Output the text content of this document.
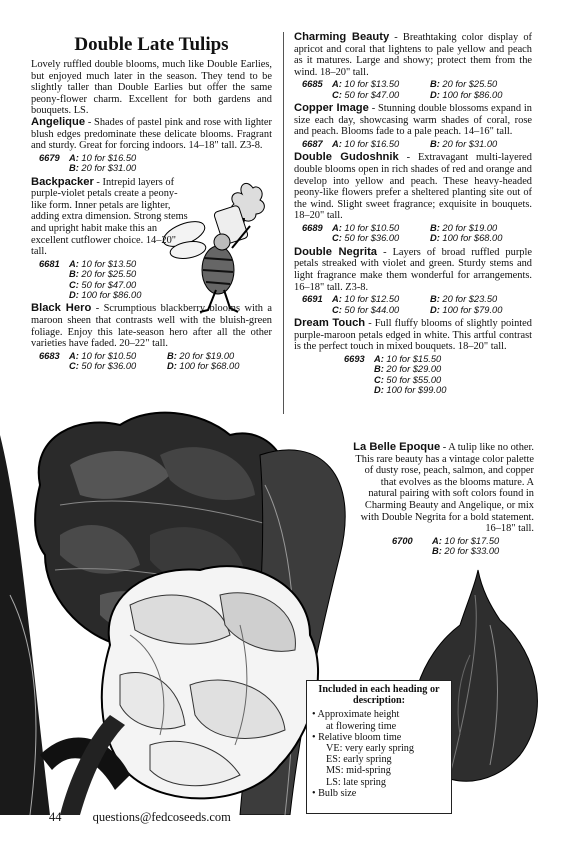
Double Late Tulips

Lovely ruffled double blooms, much like Double Earlies, but enjoyed much later in the season. They tend to be slightly taller than Double Earlies but offer the same peony-flower charm. Excellent for both gardens and bouquets. LS.

Angelique - Shades of pastel pink and rose with lighter blush edges predominate these delicate blooms. Fragrant and sturdy. Great for forcing indoors. 14–18" tall. Z3-8.

6679	A: 10 for $16.50
B: 20 for $31.00

Backpacker - Intrepid layers of purple-violet petals create a peony-like form. Inner petals are lighter, adding extra dimension. Strong stems and upright habit make this an excellent cutflower choice. 14–20" tall.

6681	A: 10 for $13.50
B: 20 for $25.50
C: 50 for $47.00
D: 100 for $86.00

Black Hero - Scrumptious blackberry blooms with a maroon sheen that contrasts well with the bluish-green foliage. Enjoy this late-season hero after all the other varieties have faded. 20–22" tall.

6683	A: 10 for $10.50	B: 20 for $19.00
C: 50 for $36.00	D: 100 for $68.00

Charming Beauty - Breathtaking color display of apricot and coral that lightens to pale yellow and peach as it matures. Large and showy; protect them from the wind. 18–20" tall.

6685	A: 10 for $13.50	B: 20 for $25.50
C: 50 for $47.00	D: 100 for $86.00

Copper Image - Stunning double blossoms expand in size each day, showcasing warm shades of coral, rose and peach. Blooms fade to a pale peach. 14–16" tall.

6687	A: 10 for $16.50	B: 20 for $31.00

Double Gudoshnik - Extravagant multi-layered double blooms open in rich shades of red and orange and develop into yellow and peach. These heavy-headed peony-like flowers prefer a sheltered planting site out of the wind. Slight sweet fragrance; exquisite in bouquets. 18–20" tall.

6689	A: 10 for $10.50	B: 20 for $19.00
C: 50 for $36.00	D: 100 for $68.00

Double Negrita - Layers of broad ruffled purple petals streaked with violet and green. Sturdy stems and light fragrance make them wonderful for arrangements. 16–18" tall. Z3-8.

6691	A: 10 for $12.50	B: 20 for $23.50
C: 50 for $44.00	D: 100 for $79.00

Dream Touch - Full fluffy blooms of slightly pointed purple-maroon petals edged in white. This artful contrast is the perfect touch in mixed bouquets. 18–20" tall.

6693	A: 10 for $15.50
B: 20 for $29.00
C: 50 for $55.00
D: 100 for $99.00

La Belle Epoque - A tulip like no other. This rare beauty has a vintage color palette of dusty rose, peach, salmon, and copper that evolves as the blooms mature. A natural pairing with soft colors found in Charming Beauty and Angelique, or mix with Double Negrita for a bold statement. 16–18" tall.

6700	A: 10 for $17.50
B: 20 for $33.00
Included in each heading or description:

• Approximate height

at flowering time

• Relative bloom time

VE: very early spring

ES: early spring

MS: mid-spring

LS: late spring

• Bulb size

44 questions@fedcoseeds.com
